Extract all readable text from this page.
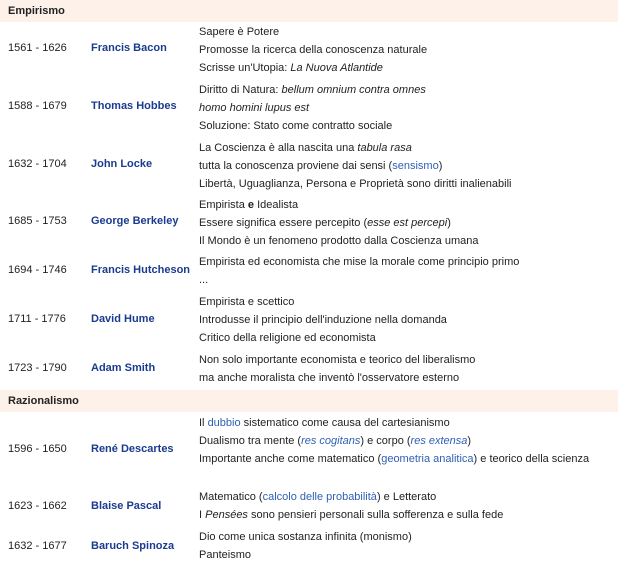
Empirismo
1561 - 1626	Francis Bacon
Sapere è Potere
Promosse la ricerca della conoscenza naturale
Scrisse un'Utopia: La Nuova Atlantide
1588 - 1679	Thomas Hobbes
Diritto di Natura: bellum omnium contra omnes
homo homini lupus est
Soluzione: Stato come contratto sociale
1632 - 1704	John Locke
La Coscienza è alla nascita una tabula rasa
tutta la conoscenza proviene dai sensi (sensismo)
Libertà, Uguaglianza, Persona e Proprietà sono diritti inalienabili
1685 - 1753	George Berkeley
Empirista e Idealista
Essere significa essere percepito (esse est percepi)
Il Mondo è un fenomeno prodotto dalla Coscienza umana
1694 - 1746	Francis Hutcheson
Empirista ed economista che mise la morale come principio primo
...
1711 - 1776	David Hume
Empirista e scettico
Introdusse il principio dell'induzione nella domanda
Critico della religione ed economista
1723 - 1790	Adam Smith
Non solo importante economista e teorico del liberalismo
ma anche moralista che inventò l'osservatore esterno
Razionalismo
1596 - 1650	René Descartes
Il dubbio sistematico come causa del cartesianismo
Dualismo tra mente (res cogitans) e corpo (res extensa)
Importante anche come matematico (geometria analitica) e teorico della scienza
1623 - 1662	Blaise Pascal
Matematico (calcolo delle probabilità) e Letterato
I Pensées sono pensieri personali sulla sofferenza e sulla fede
1632 - 1677	Baruch Spinoza
Dio come unica sostanza infinita (monismo)
Panteismo
